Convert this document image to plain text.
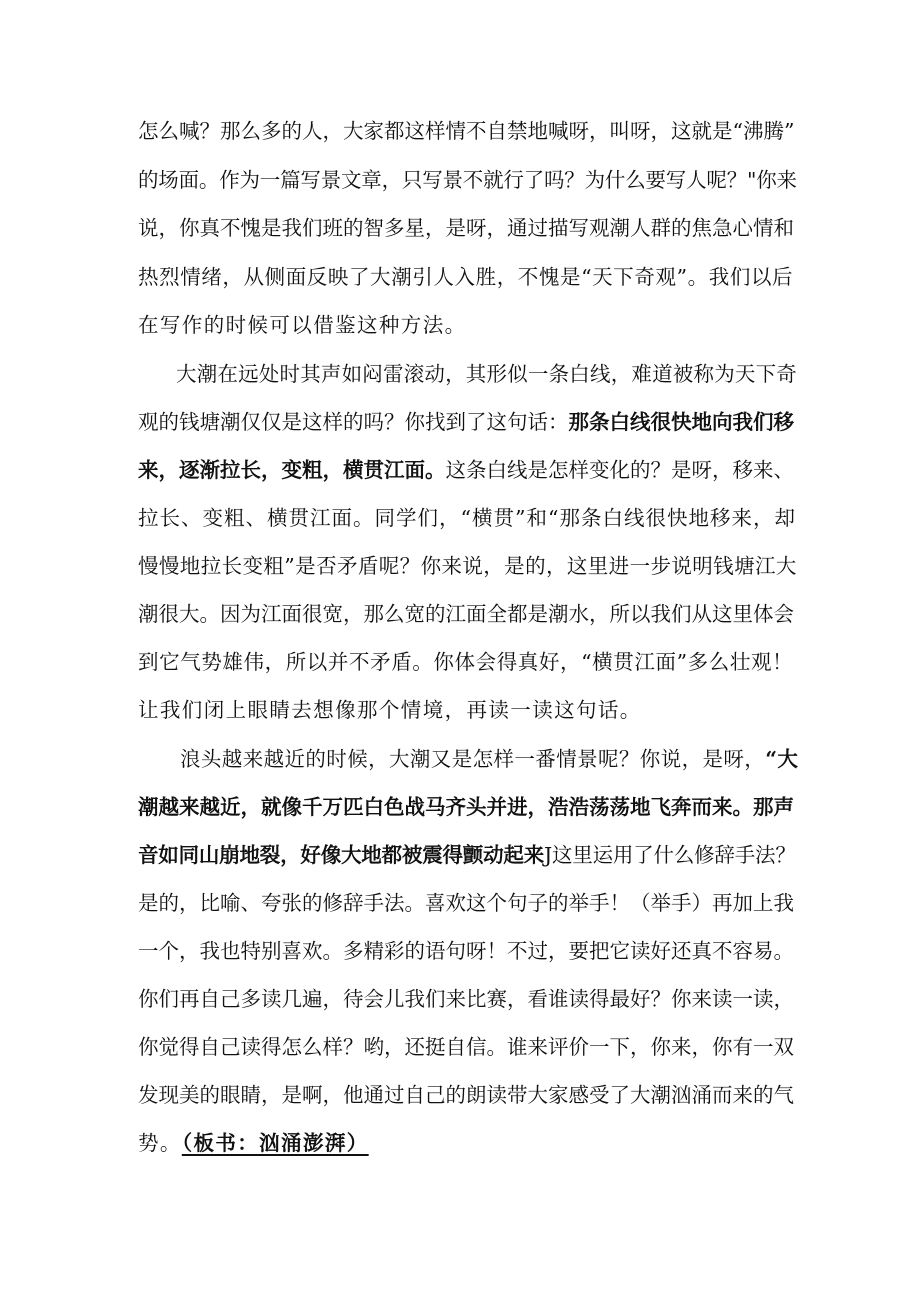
怎么喊？那么多的人，大家都这样情不自禁地喊呀，叫呀，这就是“沸腾”
的场面。作为一篇写景文章，只写景不就行了吗？为什么要写人呢？"你来
说，你真不愧是我们班的智多星，是呀，通过描写观潮人群的焦急心情和
热烈情绪，从侧面反映了大潮引人入胜，不愧是“天下奇观”。我们以后
在写作的时候可以借鉴这种方法。
大潮在远处时其声如闷雷滚动，其形似一条白线，难道被称为天下奇
观的钱塘潮仅仅是这样的吗？你找到了这句话：那条白线很快地向我们移
来，逐渐拉长，变粗，横贯江面。这条白线是怎样变化的？是呀，移来、
拉长、变粗、横贯江面。同学们，“横贯”和“那条白线很快地移来，却
慢慢地拉长变粗”是否矛盾呢？你来说，是的，这里进一步说明钱塘江大
潮很大。因为江面很宽，那么宽的江面全都是潮水，所以我们从这里体会
到它气势雄伟，所以并不矛盾。你体会得真好，“横贯江面”多么壮观！
让我们闭上眼睛去想像那个情境，再读一读这句话。
浪头越来越近的时候，大潮又是怎样一番情景呢？你说，是呀，“大
潮越来越近，就像千万匹白色战马齐头并进，浩浩荡荡地飞奔而来。那声
音如同山崩地裂，好像大地都被震得颤动起来J这里运用了什么修辞手法？
是的，比喻、夸张的修辞手法。喜欢这个句子的举手！（举手）再加上我
一个，我也特别喜欢。多精彩的语句呀！不过，要把它读好还真不容易。
你们再自己多读几遍，待会儿我们来比赛，看谁读得最好？你来读一读，
你觉得自己读得怎么样？哟，还挺自信。谁来评价一下，你来，你有一双
发现美的眼睛，是啊，他通过自己的朗读带大家感受了大潮汹涌而来的气
势。（板书：汹涌澎湃）
